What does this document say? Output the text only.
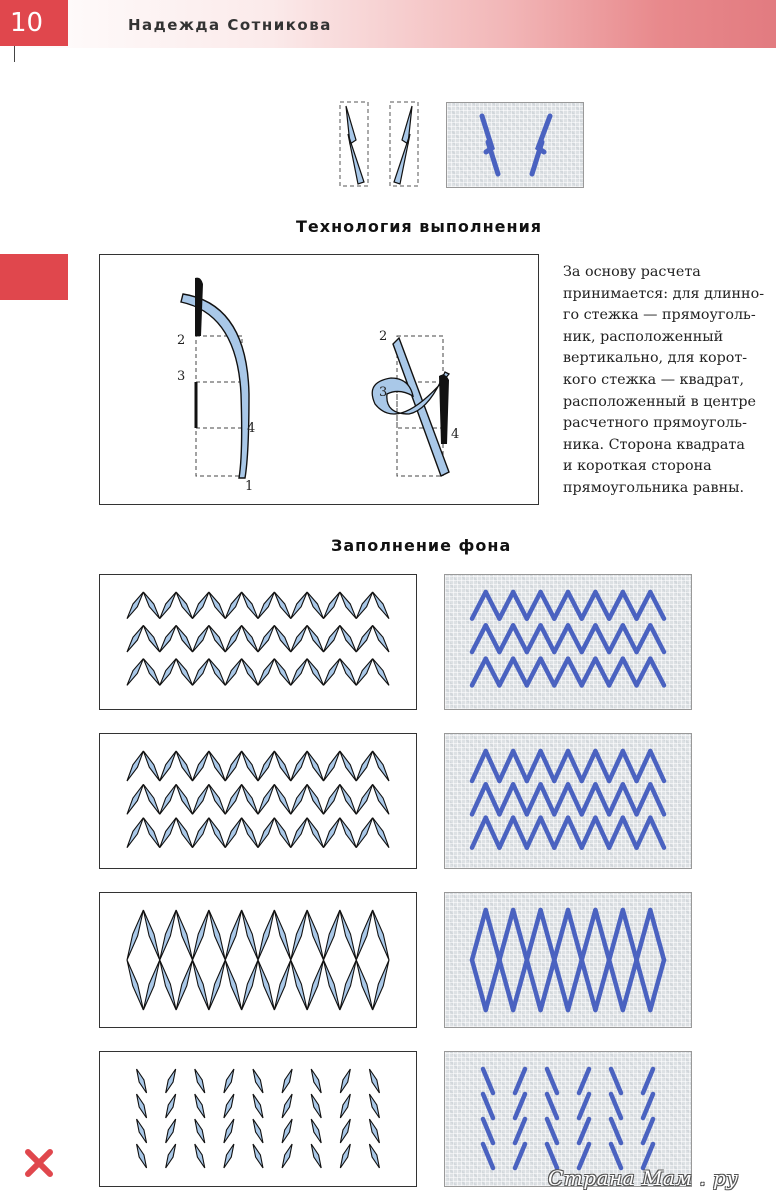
10	Надежда Сотникова
Технология выполнения
2
3
4
1
2
3
4
За основу расчета
принимается: для длинно-
го стежка — прямоуголь-
ник, расположенный
вертикально, для корот-
кого стежка — квадрат,
расположенный в центре
расчетного прямоуголь-
ника. Сторона квадрата
и короткая сторона
прямоугольника равны.
Заполнение фона
Страна Мам . ру
